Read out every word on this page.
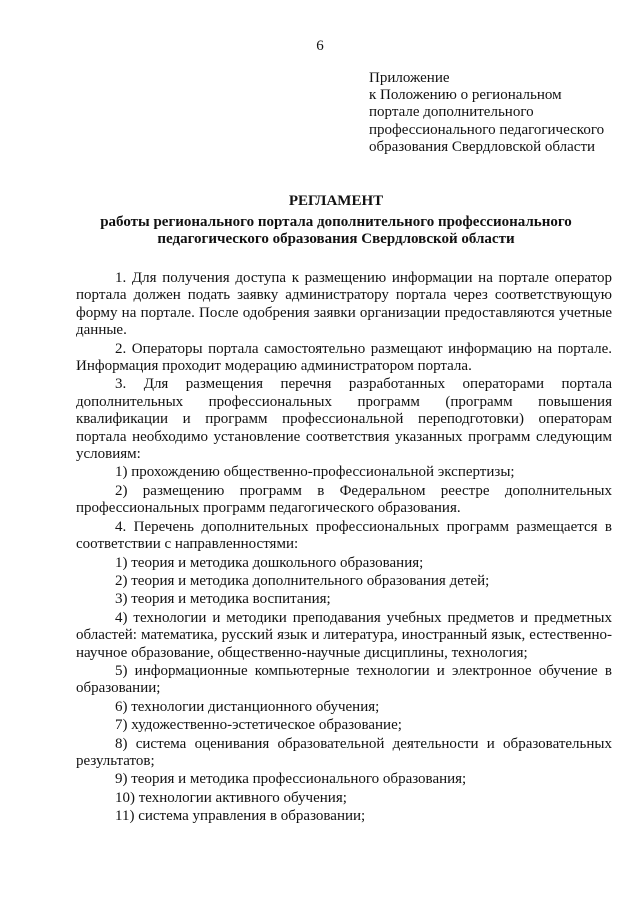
6
Приложение
к Положению о региональном
портале дополнительного
профессионального педагогического
образования Свердловской области
РЕГЛАМЕНТ
работы регионального портала дополнительного профессионального педагогического образования Свердловской области

1. Для получения доступа к размещению информации на портале оператор портала должен подать заявку администратору портала через соответствующую форму на портале. После одобрения заявки организации предоставляются учетные данные.

2. Операторы портала самостоятельно размещают информацию на портале. Информация проходит модерацию администратором портала.

3. Для размещения перечня разработанных операторами портала дополнительных профессиональных программ (программ повышения квалификации и программ профессиональной переподготовки) операторам портала необходимо установление соответствия указанных программ следующим условиям:

1) прохождению общественно-профессиональной экспертизы;

2) размещению программ в Федеральном реестре дополнительных профессиональных программ педагогического образования.

4. Перечень дополнительных профессиональных программ размещается в соответствии с направленностями:

1) теория и методика дошкольного образования;

2) теория и методика дополнительного образования детей;

3) теория и методика воспитания;

4) технологии и методики преподавания учебных предметов и предметных областей: математика, русский язык и литература, иностранный язык, естественно-научное образование, общественно-научные дисциплины, технология;

5) информационные компьютерные технологии и электронное обучение в образовании;

6) технологии дистанционного обучения;

7) художественно-эстетическое образование;

8) система оценивания образовательной деятельности и образовательных результатов;

9) теория и методика профессионального образования;

10) технологии активного обучения;

11) система управления в образовании;
